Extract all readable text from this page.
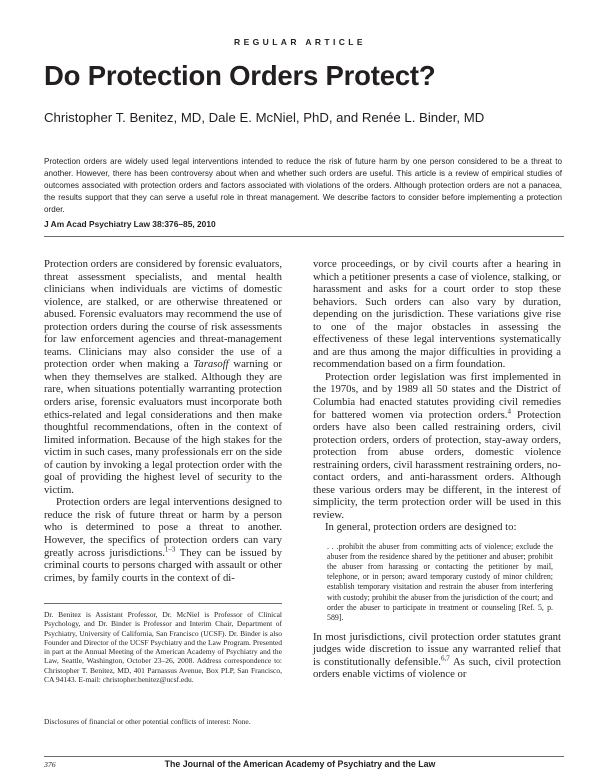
REGULAR ARTICLE
Do Protection Orders Protect?
Christopher T. Benitez, MD, Dale E. McNiel, PhD, and Renée L. Binder, MD

Protection orders are widely used legal interventions intended to reduce the risk of future harm by one person considered to be a threat to another. However, there has been controversy about when and whether such orders are useful. This article is a review of empirical studies of outcomes associated with protection orders and factors associated with violations of the orders. Although protection orders are not a panacea, the results support that they can serve a useful role in threat management. We describe factors to consider before implementing a protection order.

J Am Acad Psychiatry Law 38:376–85, 2010

Protection orders are considered by forensic evaluators, threat assessment specialists, and mental health clinicians when individuals are victims of domestic violence, are stalked, or are otherwise threatened or abused. Forensic evaluators may recommend the use of protection orders during the course of risk assessments for law enforcement agencies and threat-management teams. Clinicians may also consider the use of a protection order when making a Tarasoff warning or when they themselves are stalked. Although they are rare, when situations potentially warranting protection orders arise, forensic evaluators must incorporate both ethics-related and legal considerations and then make thoughtful recommendations, often in the context of limited information. Because of the high stakes for the victim in such cases, many professionals err on the side of caution by invoking a legal protection order with the goal of providing the highest level of security to the victim.

Protection orders are legal interventions designed to reduce the risk of future threat or harm by a person who is determined to pose a threat to another. However, the specifics of protection orders can vary greatly across jurisdictions.$^{1-3}$ They can be issued by criminal courts to persons charged with assault or other crimes, by family courts in the context of di-

vorce proceedings, or by civil courts after a hearing in which a petitioner presents a case of violence, stalking, or harassment and asks for a court order to stop these behaviors. Such orders can also vary by duration, depending on the jurisdiction. These variations give rise to one of the major obstacles in assessing the effectiveness of these legal interventions systematically and are thus among the major difficulties in providing a recommendation based on a firm foundation.

Protection order legislation was first implemented in the 1970s, and by 1989 all 50 states and the District of Columbia had enacted statutes providing civil remedies for battered women via protection orders.$^4$ Protection orders have also been called restraining orders, civil protection orders, orders of protection, stay-away orders, protection from abuse orders, domestic violence restraining orders, civil harassment restraining orders, no-contact orders, and anti-harassment orders. Although these various orders may be different, in the interest of simplicity, the term protection order will be used in this review.

In general, protection orders are designed to:

. . .prohibit the abuser from committing acts of violence; exclude the abuser from the residence shared by the petitioner and abuser; prohibit the abuser from harassing or contacting the petitioner by mail, telephone, or in person; award temporary custody of minor children; establish temporary visitation and restrain the abuser from interfering with custody; prohibit the abuser from the jurisdiction of the court; and order the abuser to participate in treatment or counseling [Ref. 5, p. 589].

In most jurisdictions, civil protection order statutes grant judges wide discretion to issue any warranted relief that is constitutionally defensible.$^{6,7}$ As such, civil protection orders enable victims of violence or

Dr. Benitez is Assistant Professor, Dr. McNiel is Professor of Clinical Psychology, and Dr. Binder is Professor and Interim Chair, Department of Psychiatry, University of California, San Francisco (UCSF). Dr. Binder is also Founder and Director of the UCSF Psychiatry and the Law Program. Presented in part at the Annual Meeting of the American Academy of Psychiatry and the Law, Seattle, Washington, October 23–26, 2008. Address correspondence to: Christopher T. Benitez, MD, 401 Parnassus Avenue, Box PLP, San Francisco, CA 94143. E-mail: christopher.benitez@ucsf.edu.

Disclosures of financial or other potential conflicts of interest: None.

376	The Journal of the American Academy of Psychiatry and the Law
